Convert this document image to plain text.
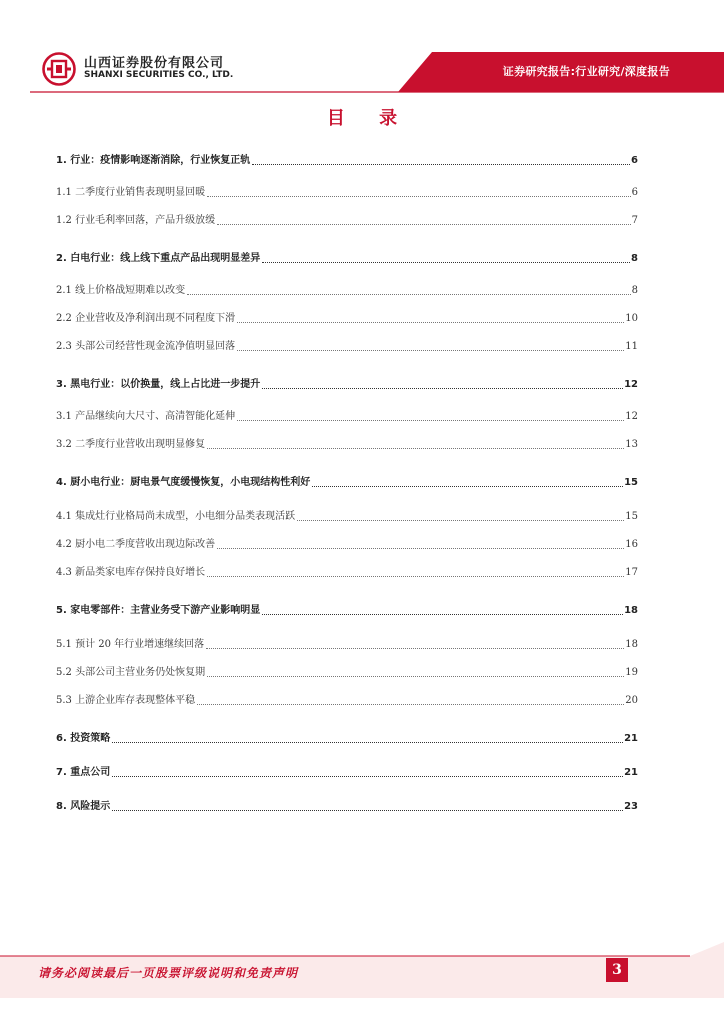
山西证券股份有限公司
SHANXI SECURITIES CO., LTD.	证券研究报告:行业研究/深度报告
目 录
1. 行业：疫情影响逐渐消除，行业恢复正轨	6
1.1 二季度行业销售表现明显回暖	6
1.2 行业毛利率回落，产品升级放缓	7
2. 白电行业：线上线下重点产品出现明显差异	8
2.1 线上价格战短期难以改变	8
2.2 企业营收及净利润出现不同程度下滑	10
2.3 头部公司经营性现金流净值明显回落	11
3. 黑电行业：以价换量，线上占比进一步提升	12
3.1 产品继续向大尺寸、高清智能化延伸	12
3.2 二季度行业营收出现明显修复	13
4. 厨小电行业：厨电景气度缓慢恢复，小电现结构性利好	15
4.1 集成灶行业格局尚未成型，小电细分品类表现活跃	15
4.2 厨小电二季度营收出现边际改善	16
4.3 新品类家电库存保持良好增长	17
5. 家电零部件：主营业务受下游产业影响明显	18
5.1 预计 20 年行业增速继续回落	18
5.2 头部公司主营业务仍处恢复期	19
5.3 上游企业库存表现整体平稳	20
6. 投资策略	21
7. 重点公司	21
8. 风险提示	23
请务必阅读最后一页股票评级说明和免责声明	3
